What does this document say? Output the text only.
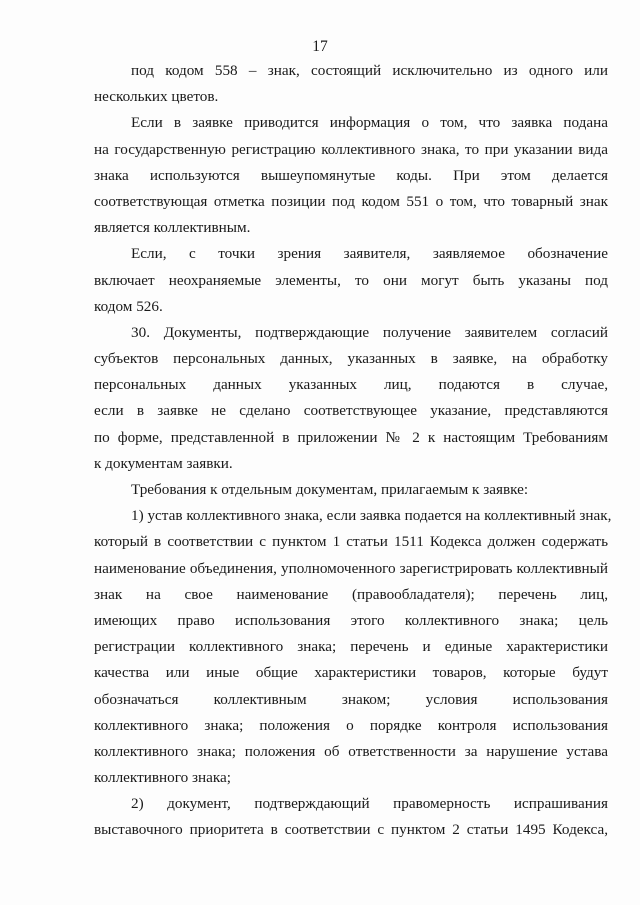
17
под кодом 558 – знак, состоящий исключительно из одного или
нескольких цветов.
Если в заявке приводится информация о том, что заявка подана
на государственную регистрацию коллективного знака, то при указании вида
знака используются вышеупомянутые коды. При этом делается
соответствующая отметка позиции под кодом 551 о том, что товарный знак
является коллективным.
Если, с точки зрения заявителя, заявляемое обозначение
включает неохраняемые элементы, то они могут быть указаны под
кодом 526.
30. Документы, подтверждающие получение заявителем согласий
субъектов персональных данных, указанных в заявке, на обработку
персональных данных указанных лиц, подаются в случае,
если в заявке не сделано соответствующее указание, представляются
по форме, представленной в приложении № 2 к настоящим Требованиям
к документам заявки.
Требования к отдельным документам, прилагаемым к заявке:
1) устав коллективного знака, если заявка подается на коллективный знак,
который в соответствии с пунктом 1 статьи 1511 Кодекса должен содержать
наименование объединения, уполномоченного зарегистрировать коллективный
знак на свое наименование (правообладателя); перечень лиц,
имеющих право использования этого коллективного знака; цель
регистрации коллективного знака; перечень и единые характеристики
качества или иные общие характеристики товаров, которые будут
обозначаться коллективным знаком; условия использования
коллективного знака; положения о порядке контроля использования
коллективного знака; положения об ответственности за нарушение устава
коллективного знака;
2) документ, подтверждающий правомерность испрашивания
выставочного приоритета в соответствии с пунктом 2 статьи 1495 Кодекса,
